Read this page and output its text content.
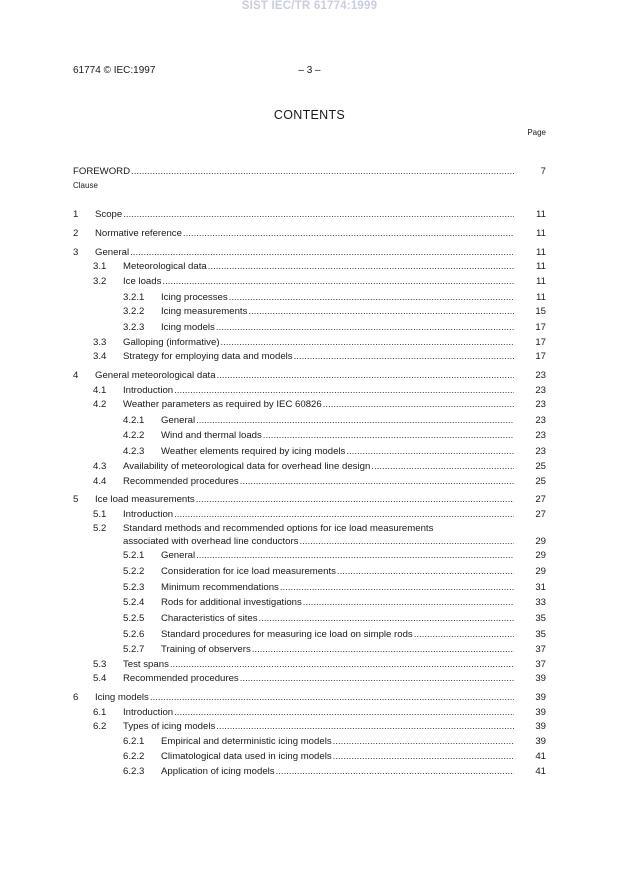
SIST IEC/TR 61774:1999
61774 © IEC:1997	– 3 –
CONTENTS
Page
Clause
FOREWORD .....	7
1 Scope .....	11
2 Normative reference .....	11
3 General .....	11
3.1 Meteorological data .....	11
3.2 Ice loads .....	11
3.2.1 Icing processes .....	11
3.2.2 Icing measurements .....	15
3.2.3 Icing models .....	17
3.3 Galloping (informative) .....	17
3.4 Strategy for employing data and models .....	17
4 General meteorological data .....	23
4.1 Introduction .....	23
4.2 Weather parameters as required by IEC 60826 .....	23
4.2.1 General .....	23
4.2.2 Wind and thermal loads .....	23
4.2.3 Weather elements required by icing models .....	23
4.3 Availability of meteorological data for overhead line design .....	25
4.4 Recommended procedures .....	25
5 Ice load measurements .....	27
5.1 Introduction .....	27
5.2 Standard methods and recommended options for ice load measurements
associated with overhead line conductors .....	29
5.2.1 General .....	29
5.2.2 Consideration for ice load measurements .....	29
5.2.3 Minimum recommendations .....	31
5.2.4 Rods for additional investigations .....	33
5.2.5 Characteristics of sites .....	35
5.2.6 Standard procedures for measuring ice load on simple rods .....	35
5.2.7 Training of observers .....	37
5.3 Test spans .....	37
5.4 Recommended procedures .....	39
6 Icing models .....	39
6.1 Introduction .....	39
6.2 Types of icing models .....	39
6.2.1 Empirical and deterministic icing models .....	39
6.2.2 Climatological data used in icing models .....	41
6.2.3 Application of icing models .....	41
